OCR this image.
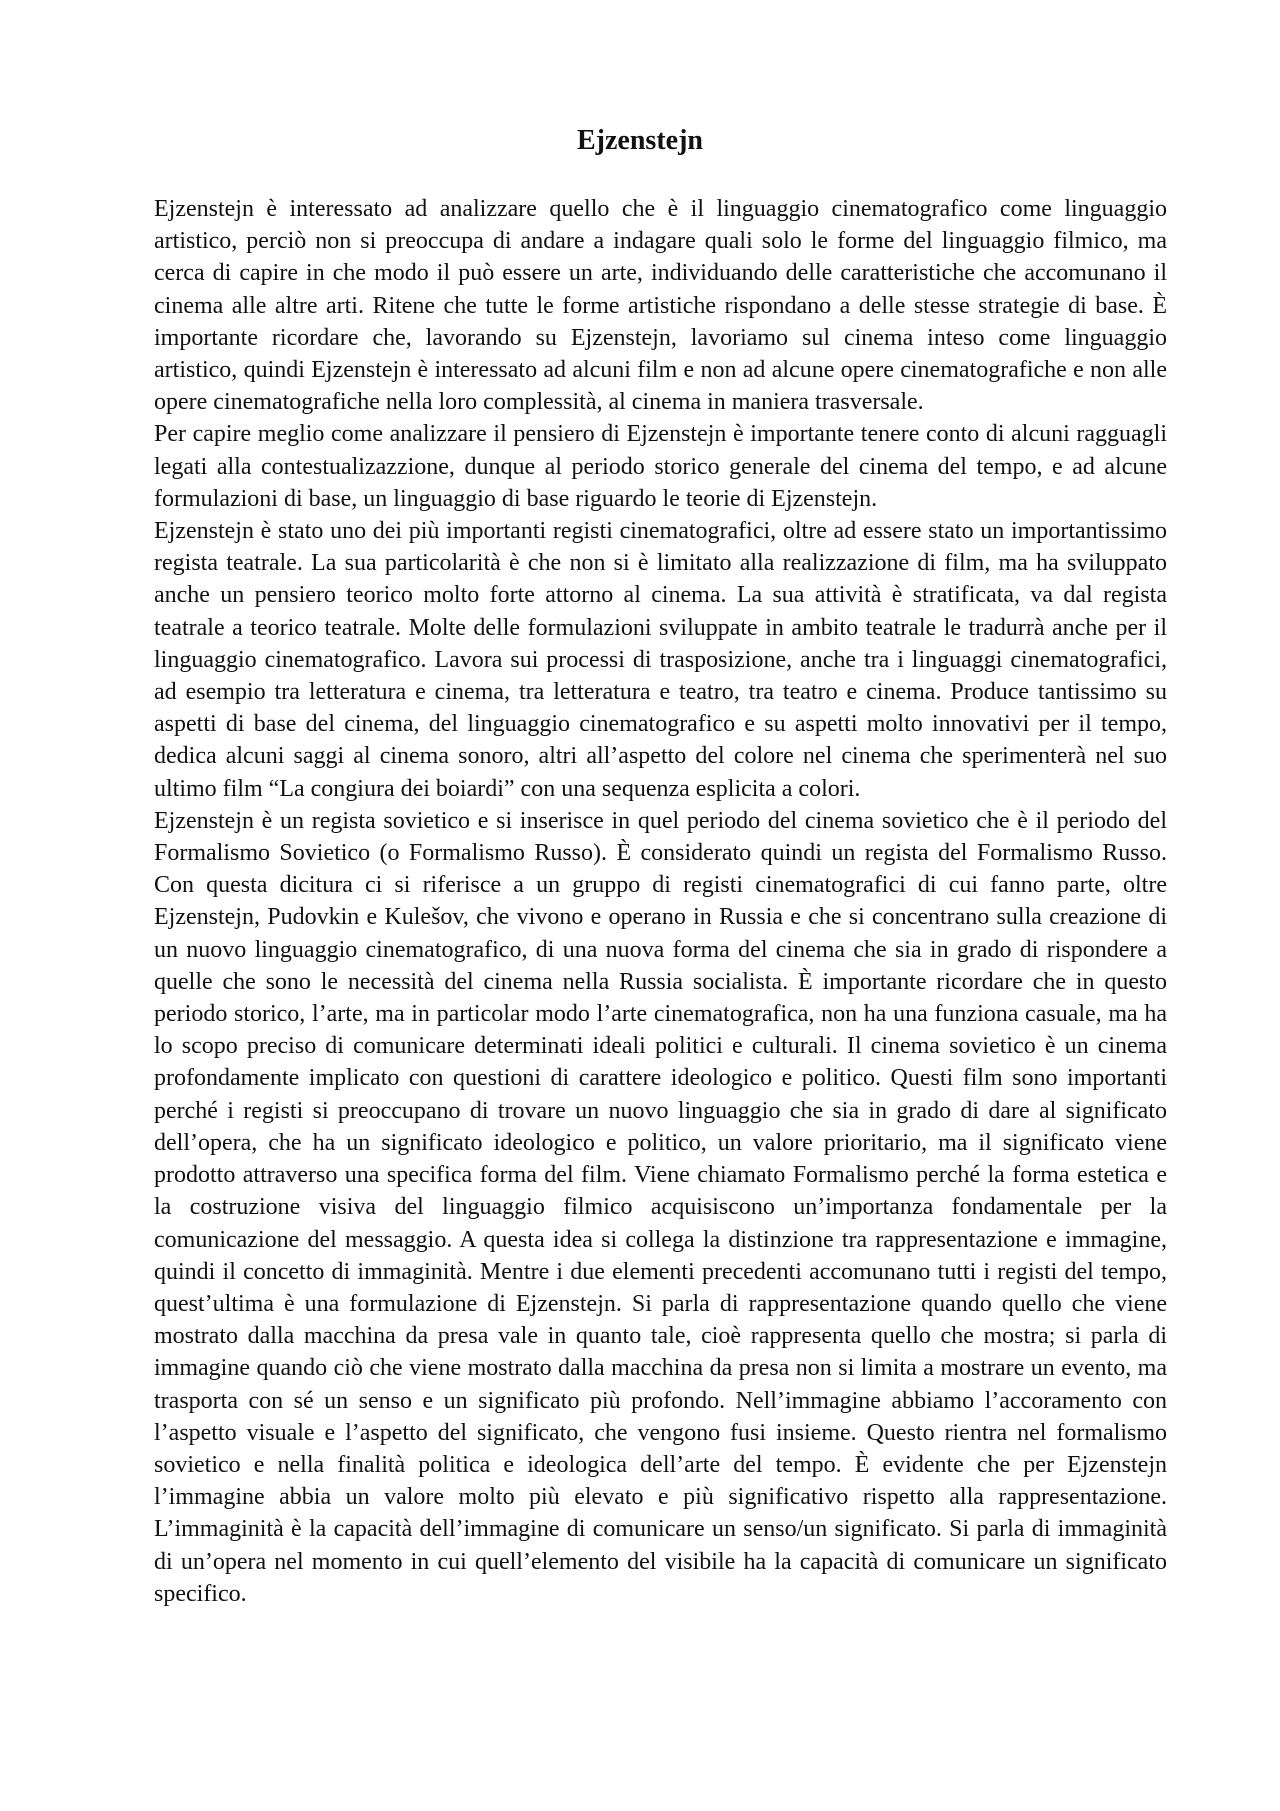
Ejzenstejn

Ejzenstejn è interessato ad analizzare quello che è il linguaggio cinematografico come linguaggio artistico, perciò non si preoccupa di andare a indagare quali solo le forme del linguaggio filmico, ma cerca di capire in che modo il può essere un arte, individuando delle caratteristiche che accomunano il cinema alle altre arti. Ritene che tutte le forme artistiche rispondano a delle stesse strategie di base. È importante ricordare che, lavorando su Ejzenstejn, lavoriamo sul cinema inteso come linguaggio artistico, quindi Ejzenstejn è interessato ad alcuni film e non ad alcune opere cinematografiche e non alle opere cinematografiche nella loro complessità, al cinema in maniera trasversale.

Per capire meglio come analizzare il pensiero di Ejzenstejn è importante tenere conto di alcuni ragguagli legati alla contestualizazzione, dunque al periodo storico generale del cinema del tempo, e ad alcune formulazioni di base, un linguaggio di base riguardo le teorie di Ejzenstejn.

Ejzenstejn è stato uno dei più importanti registi cinematografici, oltre ad essere stato un importantissimo regista teatrale. La sua particolarità è che non si è limitato alla realizzazione di film, ma ha sviluppato anche un pensiero teorico molto forte attorno al cinema. La sua attività è stratificata, va dal regista teatrale a teorico teatrale. Molte delle formulazioni sviluppate in ambito teatrale le tradurrà anche per il linguaggio cinematografico. Lavora sui processi di trasposizione, anche tra i linguaggi cinematografici, ad esempio tra letteratura e cinema, tra letteratura e teatro, tra teatro e cinema. Produce tantissimo su aspetti di base del cinema, del linguaggio cinematografico e su aspetti molto innovativi per il tempo, dedica alcuni saggi al cinema sonoro, altri all’aspetto del colore nel cinema che sperimenterà nel suo ultimo film “La congiura dei boiardi” con una sequenza esplicita a colori.

Ejzenstejn è un regista sovietico e si inserisce in quel periodo del cinema sovietico che è il periodo del Formalismo Sovietico (o Formalismo Russo). È considerato quindi un regista del Formalismo Russo. Con questa dicitura ci si riferisce a un gruppo di registi cinematografici di cui fanno parte, oltre Ejzenstejn, Pudovkin e Kulešov, che vivono e operano in Russia e che si concentrano sulla creazione di un nuovo linguaggio cinematografico, di una nuova forma del cinema che sia in grado di rispondere a quelle che sono le necessità del cinema nella Russia socialista. È importante ricordare che in questo periodo storico, l’arte, ma in particolar modo l’arte cinematografica, non ha una funziona casuale, ma ha lo scopo preciso di comunicare determinati ideali politici e culturali. Il cinema sovietico è un cinema profondamente implicato con questioni di carattere ideologico e politico. Questi film sono importanti perché i registi si preoccupano di trovare un nuovo linguaggio che sia in grado di dare al significato dell’opera, che ha un significato ideologico e politico, un valore prioritario, ma il significato viene prodotto attraverso una specifica forma del film. Viene chiamato Formalismo perché la forma estetica e la costruzione visiva del linguaggio filmico acquisiscono un’importanza fondamentale per la comunicazione del messaggio. A questa idea si collega la distinzione tra rappresentazione e immagine, quindi il concetto di immaginità. Mentre i due elementi precedenti accomunano tutti i registi del tempo, quest’ultima è una formulazione di Ejzenstejn. Si parla di rappresentazione quando quello che viene mostrato dalla macchina da presa vale in quanto tale, cioè rappresenta quello che mostra; si parla di immagine quando ciò che viene mostrato dalla macchina da presa non si limita a mostrare un evento, ma trasporta con sé un senso e un significato più profondo. Nell’immagine abbiamo l’accoramento con l’aspetto visuale e l’aspetto del significato, che vengono fusi insieme. Questo rientra nel formalismo sovietico e nella finalità politica e ideologica dell’arte del tempo. È evidente che per Ejzenstejn l’immagine abbia un valore molto più elevato e più significativo rispetto alla rappresentazione. L’immaginità è la capacità dell’immagine di comunicare un senso/un significato. Si parla di immaginità di un’opera nel momento in cui quell’elemento del visibile ha la capacità di comunicare un significato specifico.
